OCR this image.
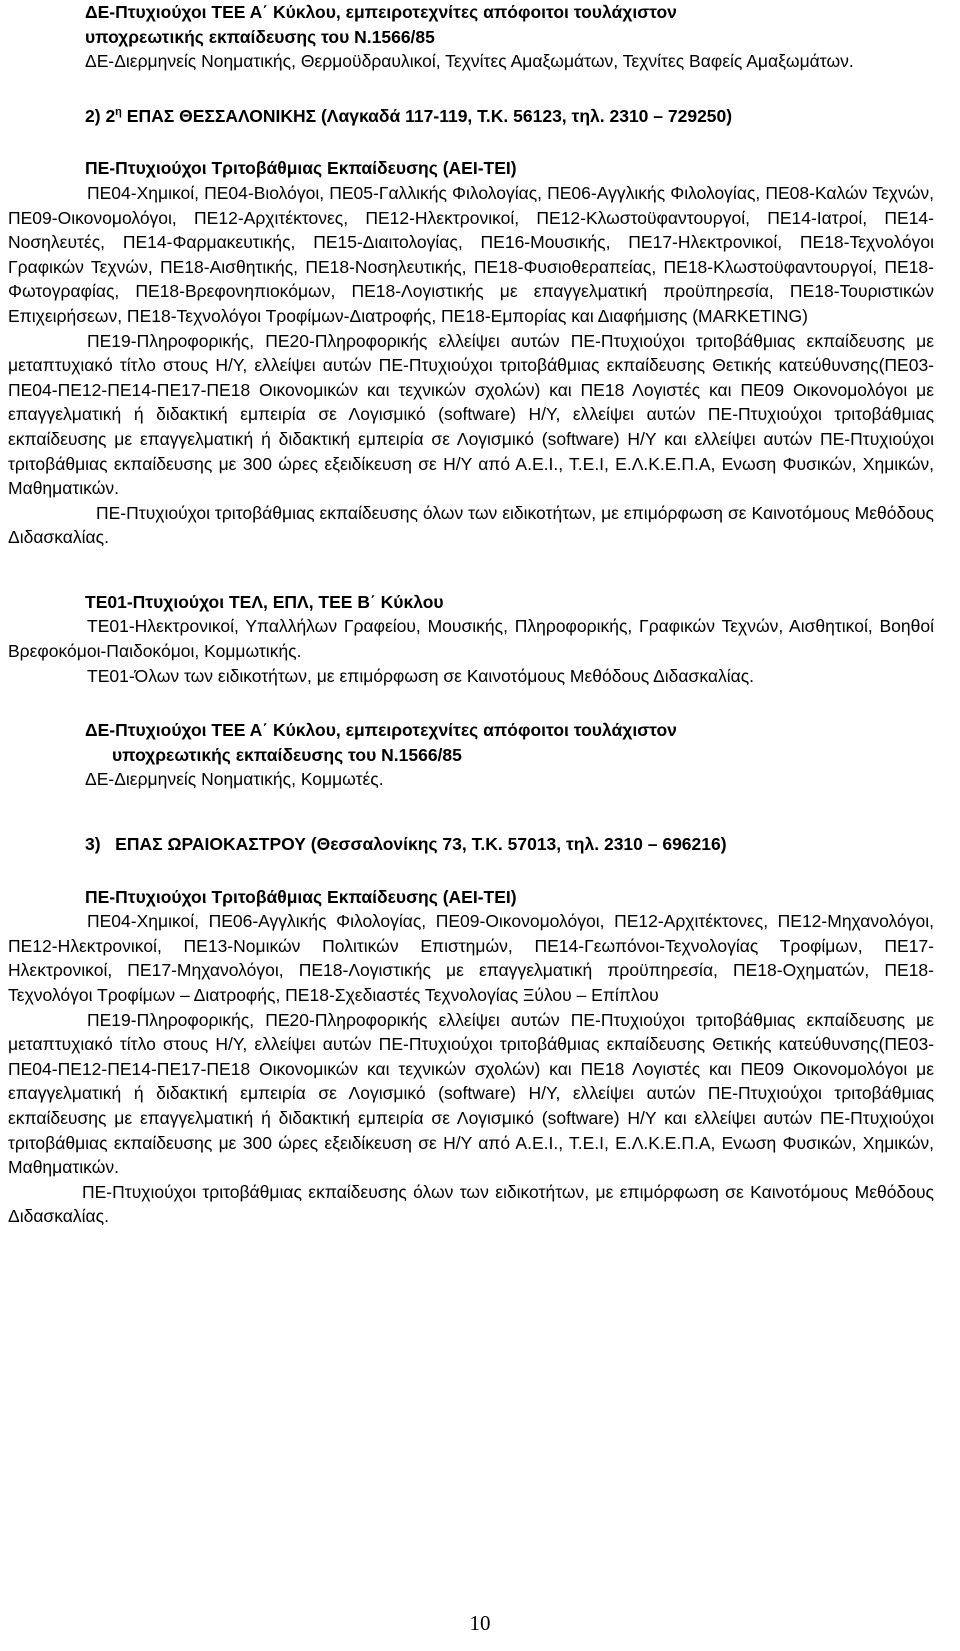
ΔΕ-Πτυχιούχοι ΤΕΕ Α΄ Κύκλου, εμπειροτεχνίτες απόφοιτοι τουλάχιστον

υποχρεωτικής εκπαίδευσης του Ν.1566/85

ΔΕ-Διερμηνείς Νοηματικής, Θερμοϋδραυλικοί, Τεχνίτες Αμαξωμάτων, Τεχνίτες Βαφείς Αμαξωμάτων.

2) $2^\eta$ ΕΠΑΣ ΘΕΣΣΑΛΟΝΙΚΗΣ (Λαγκαδά 117-119, Τ.Κ. 56123, τηλ. 2310 – 729250)

ΠΕ-Πτυχιούχοι Τριτοβάθμιας Εκπαίδευσης (ΑΕΙ-ΤΕΙ)

ΠΕ04-Χημικοί, ΠΕ04-Βιολόγοι, ΠΕ05-Γαλλικής Φιλολογίας, ΠΕ06-Αγγλικής Φιλολογίας, ΠΕ08-Καλών Τεχνών, ΠΕ09-Οικονομολόγοι, ΠΕ12-Αρχιτέκτονες, ΠΕ12-Ηλεκτρονικοί, ΠΕ12-Κλωστοϋφαντουργοί, ΠΕ14-Ιατροί, ΠΕ14-Νοσηλευτές, ΠΕ14-Φαρμακευτικής, ΠΕ15-Διαιτολογίας, ΠΕ16-Μουσικής, ΠΕ17-Ηλεκτρονικοί, ΠΕ18-Τεχνολόγοι Γραφικών Τεχνών, ΠΕ18-Αισθητικής, ΠΕ18-Νοσηλευτικής, ΠΕ18-Φυσιοθεραπείας, ΠΕ18-Κλωστοϋφαντουργοί, ΠΕ18-Φωτογραφίας, ΠΕ18-Βρεφονηπιοκόμων, ΠΕ18-Λογιστικής με επαγγελματική προϋπηρεσία, ΠΕ18-Τουριστικών Επιχειρήσεων, ΠΕ18-Τεχνολόγοι Τροφίμων-Διατροφής, ΠΕ18-Εμπορίας και Διαφήμισης (MARKETING)

ΠΕ19-Πληροφορικής, ΠΕ20-Πληροφορικής ελλείψει αυτών ΠΕ-Πτυχιούχοι τριτοβάθμιας εκπαίδευσης με μεταπτυχιακό τίτλο στους Η/Υ, ελλείψει αυτών ΠΕ-Πτυχιούχοι τριτοβάθμιας εκπαίδευσης Θετικής κατεύθυνσης(ΠΕ03-ΠΕ04-ΠΕ12-ΠΕ14-ΠΕ17-ΠΕ18 Οικονομικών και τεχνικών σχολών) και ΠΕ18 Λογιστές και ΠΕ09 Οικονομολόγοι με επαγγελματική ή διδακτική εμπειρία σε Λογισμικό (software) Η/Υ, ελλείψει αυτών ΠΕ-Πτυχιούχοι τριτοβάθμιας εκπαίδευσης με επαγγελματική ή διδακτική εμπειρία σε Λογισμικό (software) Η/Υ και ελλείψει αυτών ΠΕ-Πτυχιούχοι τριτοβάθμιας εκπαίδευσης με 300 ώρες εξειδίκευση σε Η/Υ από Α.Ε.Ι., Τ.Ε.Ι, Ε.Λ.Κ.Ε.Π.Α, Ενωση Φυσικών, Χημικών, Μαθηματικών.

ΠΕ-Πτυχιούχοι τριτοβάθμιας εκπαίδευσης όλων των ειδικοτήτων, με επιμόρφωση σε Καινοτόμους Μεθόδους Διδασκαλίας.

ΤΕ01-Πτυχιούχοι ΤΕΛ, ΕΠΛ, ΤΕΕ Β΄ Κύκλου

ΤΕ01-Ηλεκτρονικοί, Υπαλλήλων Γραφείου, Μουσικής, Πληροφορικής, Γραφικών Τεχνών, Αισθητικοί, Βοηθοί Βρεφοκόμοι-Παιδοκόμοι, Κομμωτικής.

ΤΕ01-Όλων των ειδικοτήτων, με επιμόρφωση σε Καινοτόμους Μεθόδους Διδασκαλίας.

ΔΕ-Πτυχιούχοι ΤΕΕ Α΄ Κύκλου, εμπειροτεχνίτες απόφοιτοι τουλάχιστον

υποχρεωτικής εκπαίδευσης του Ν.1566/85

ΔΕ-Διερμηνείς Νοηματικής, Κομμωτές.

3)   ΕΠΑΣ ΩΡΑΙΟΚΑΣΤΡΟΥ (Θεσσαλονίκης 73, Τ.Κ. 57013, τηλ. 2310 – 696216)

ΠΕ-Πτυχιούχοι Τριτοβάθμιας Εκπαίδευσης (ΑΕΙ-ΤΕΙ)

ΠΕ04-Χημικοί, ΠΕ06-Αγγλικής Φιλολογίας, ΠΕ09-Οικονομολόγοι, ΠΕ12-Αρχιτέκτονες, ΠΕ12-Μηχανολόγοι, ΠΕ12-Ηλεκτρονικοί, ΠΕ13-Νομικών Πολιτικών Επιστημών, ΠΕ14-Γεωπόνοι-Τεχνολογίας Τροφίμων, ΠΕ17-Ηλεκτρονικοί, ΠΕ17-Μηχανολόγοι, ΠΕ18-Λογιστικής με επαγγελματική προϋπηρεσία, ΠΕ18-Οχηματών, ΠΕ18-Τεχνολόγοι Τροφίμων – Διατροφής, ΠΕ18-Σχεδιαστές Τεχνολογίας Ξύλου – Επίπλου

ΠΕ19-Πληροφορικής, ΠΕ20-Πληροφορικής ελλείψει αυτών ΠΕ-Πτυχιούχοι τριτοβάθμιας εκπαίδευσης με μεταπτυχιακό τίτλο στους Η/Υ, ελλείψει αυτών ΠΕ-Πτυχιούχοι τριτοβάθμιας εκπαίδευσης Θετικής κατεύθυνσης(ΠΕ03-ΠΕ04-ΠΕ12-ΠΕ14-ΠΕ17-ΠΕ18 Οικονομικών και τεχνικών σχολών) και ΠΕ18 Λογιστές και ΠΕ09 Οικονομολόγοι με επαγγελματική ή διδακτική εμπειρία σε Λογισμικό (software) Η/Υ, ελλείψει αυτών ΠΕ-Πτυχιούχοι τριτοβάθμιας εκπαίδευσης με επαγγελματική ή διδακτική εμπειρία σε Λογισμικό (software) Η/Υ και ελλείψει αυτών ΠΕ-Πτυχιούχοι τριτοβάθμιας εκπαίδευσης με 300 ώρες εξειδίκευση σε Η/Υ από Α.Ε.Ι., Τ.Ε.Ι, Ε.Λ.Κ.Ε.Π.Α, Ενωση Φυσικών, Χημικών, Μαθηματικών.

ΠΕ-Πτυχιούχοι τριτοβάθμιας εκπαίδευσης όλων των ειδικοτήτων, με επιμόρφωση σε Καινοτόμους Μεθόδους Διδασκαλίας.

10
